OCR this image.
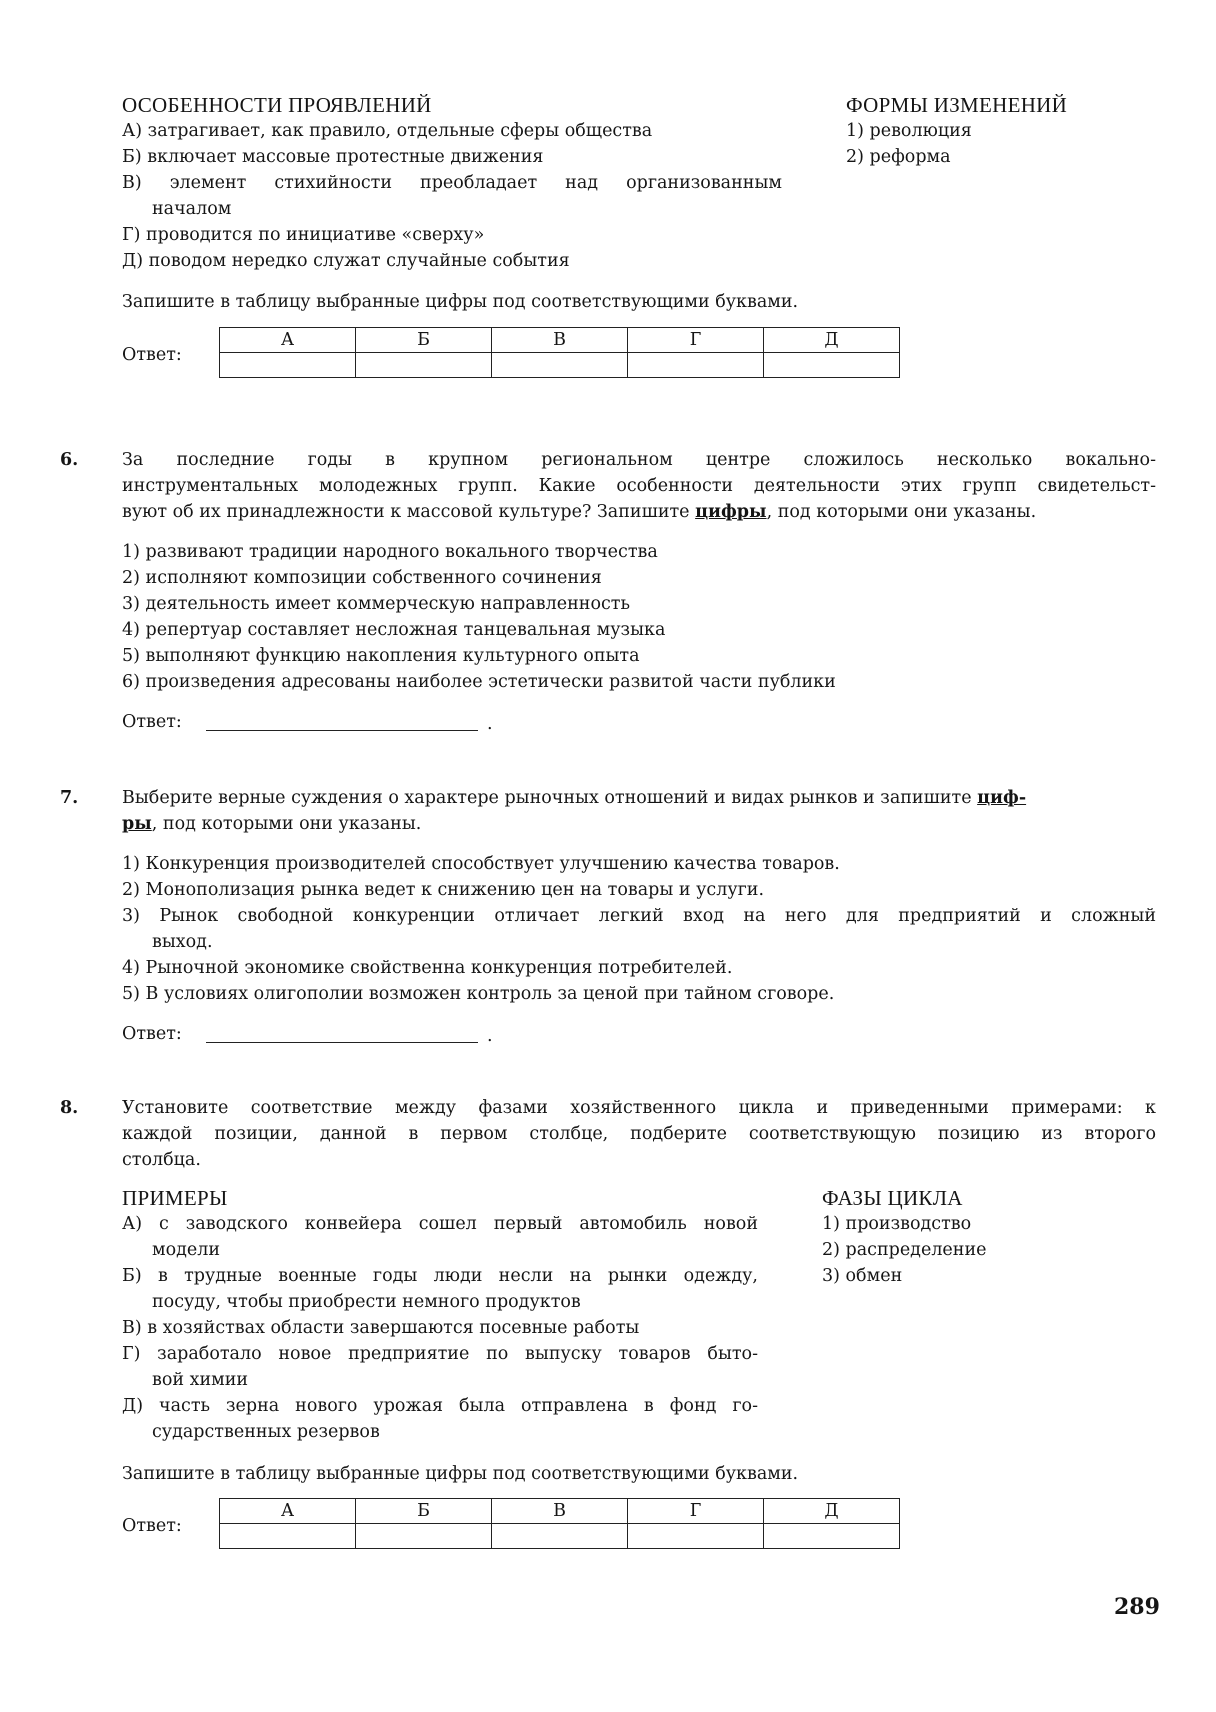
ОСОБЕННОСТИ ПРОЯВЛЕНИЙ	ФОРМЫ ИЗМЕНЕНИЙ
А) затрагивает, как правило, отдельные сферы общества
Б) включает массовые протестные движения
В) элемент стихийности преобладает над организованным
началом
Г) проводится по инициативе «сверху»
Д) поводом нередко служат случайные события
1) революция
2) реформа
Запишите в таблицу выбранные цифры под соответствующими буквами.
Ответ:
А	Б	В	Г	Д

6. За последние годы в крупном региональном центре сложилось несколько вокально-
инструментальных молодежных групп. Какие особенности деятельности этих групп свидетельст-
вуют об их принадлежности к массовой культуре? Запишите цифры, под которыми они указаны.
1) развивают традиции народного вокального творчества
2) исполняют композиции собственного сочинения
3) деятельность имеет коммерческую направленность
4) репертуар составляет несложная танцевальная музыка
5) выполняют функцию накопления культурного опыта
6) произведения адресованы наиболее эстетически развитой части публики
Ответ:	.
7. Выберите верные суждения о характере рыночных отношений и видах рынков и запишите циф-
ры, под которыми они указаны.
1) Конкуренция производителей способствует улучшению качества товаров.
2) Монополизация рынка ведет к снижению цен на товары и услуги.
3) Рынок свободной конкуренции отличает легкий вход на него для предприятий и сложный
выход.
4) Рыночной экономике свойственна конкуренция потребителей.
5) В условиях олигополии возможен контроль за ценой при тайном сговоре.
Ответ:	.
8. Установите соответствие между фазами хозяйственного цикла и приведенными примерами: к
каждой позиции, данной в первом столбце, подберите соответствующую позицию из второго
столбца.
ПРИМЕРЫ	ФАЗЫ ЦИКЛА
А) с заводского конвейера сошел первый автомобиль новой
модели
Б) в трудные военные годы люди несли на рынки одежду,
посуду, чтобы приобрести немного продуктов
В) в хозяйствах области завершаются посевные работы
Г) заработало новое предприятие по выпуску товаров быто-
вой химии
Д) часть зерна нового урожая была отправлена в фонд го-
сударственных резервов
1) производство
2) распределение
3) обмен
Запишите в таблицу выбранные цифры под соответствующими буквами.
Ответ:
А	Б	В	Г	Д

289
